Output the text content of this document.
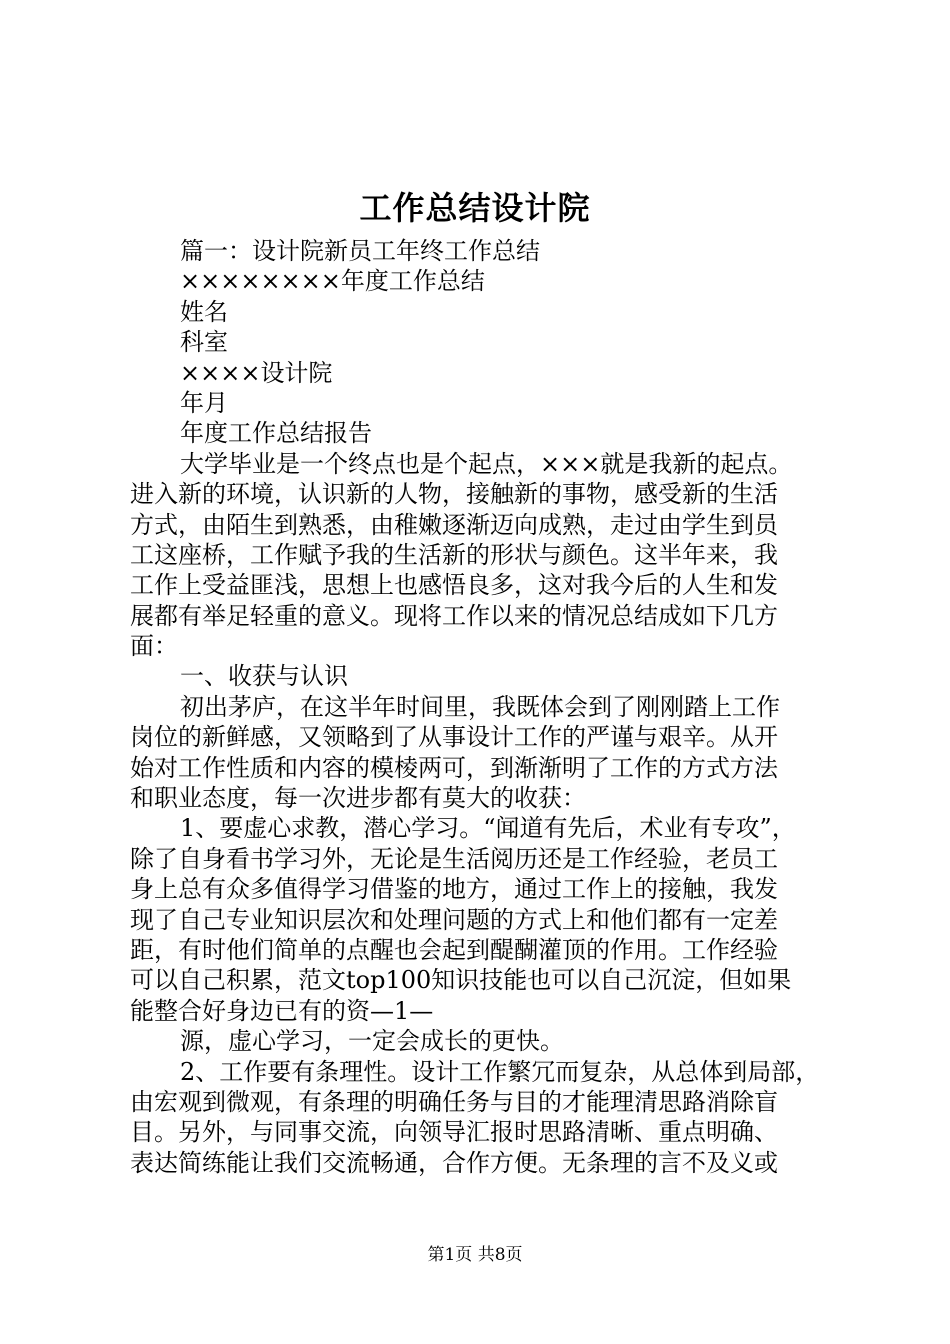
工作总结设计院
篇一：设计院新员工年终工作总结
××××××××年度工作总结
姓名
科室
××××设计院
年月
年度工作总结报告
大学毕业是一个终点也是个起点，×××就是我新的起点。
进入新的环境，认识新的人物，接触新的事物，感受新的生活
方式，由陌生到熟悉，由稚嫩逐渐迈向成熟，走过由学生到员
工这座桥，工作赋予我的生活新的形状与颜色。这半年来，我
工作上受益匪浅，思想上也感悟良多，这对我今后的人生和发
展都有举足轻重的意义。现将工作以来的情况总结成如下几方
面：
一、收获与认识
初出茅庐，在这半年时间里，我既体会到了刚刚踏上工作
岗位的新鲜感，又领略到了从事设计工作的严谨与艰辛。从开
始对工作性质和内容的模棱两可，到渐渐明了工作的方式方法
和职业态度，每一次进步都有莫大的收获：
1、要虚心求教，潜心学习。“闻道有先后，术业有专攻”，
除了自身看书学习外，无论是生活阅历还是工作经验，老员工
身上总有众多值得学习借鉴的地方，通过工作上的接触，我发
现了自己专业知识层次和处理问题的方式上和他们都有一定差
距，有时他们简单的点醒也会起到醍醐灌顶的作用。工作经验
可以自己积累，范文top100知识技能也可以自己沉淀，但如果
能整合好身边已有的资—1—
源，虚心学习，一定会成长的更快。
2、工作要有条理性。设计工作繁冗而复杂，从总体到局部，
由宏观到微观，有条理的明确任务与目的才能理清思路消除盲
目。另外，与同事交流，向领导汇报时思路清晰、重点明确、
表达简练能让我们交流畅通，合作方便。无条理的言不及义或
第1页 共8页
